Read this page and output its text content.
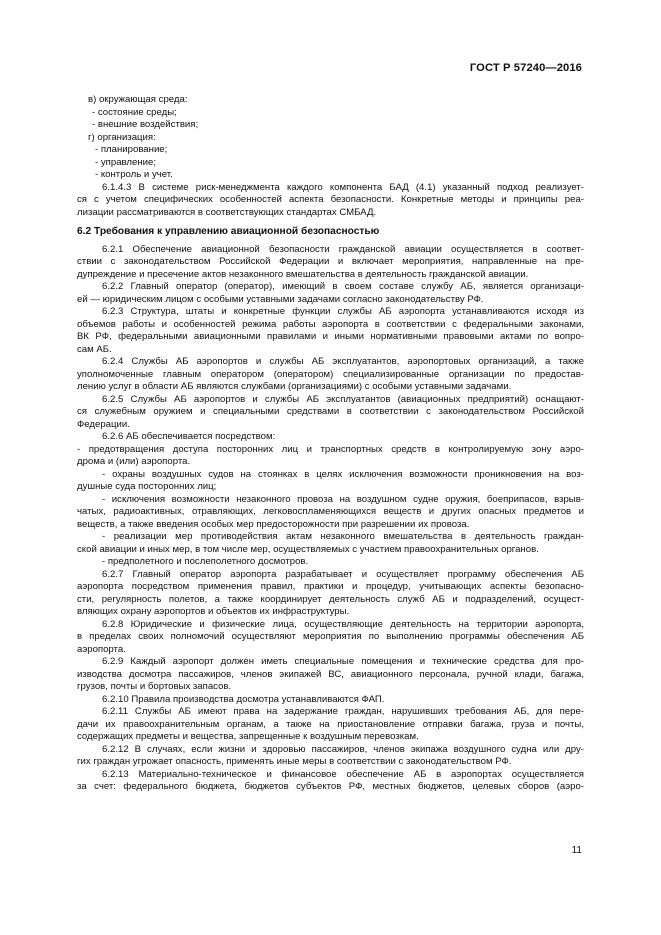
ГОСТ Р 57240—2016
в) окружающая среда:
- состояние среды;
- внешние воздействия;
г) организация:
- планирование;
- управление;
- контроль и учет.
6.1.4.3 В системе риск-менеджмента каждого компонента БАД (4.1) указанный подход реализует-
ся с учетом специфических особенностей аспекта безопасности. Конкретные методы и принципы реа-
лизации рассматриваются в соответствующих стандартах СМБАД.
6.2 Требования к управлению авиационной безопасностью
6.2.1 Обеспечение авиационной безопасности гражданской авиации осуществляется в соответ-
ствии с законодательством Российской Федерации и включает мероприятия, направленные на пре-
дупреждение и пресечение актов незаконного вмешательства в деятельность гражданской авиации.
6.2.2 Главный оператор (оператор), имеющий в своем составе службу АБ, является организаци-
ей — юридическим лицом с особыми уставными задачами согласно законодательству РФ.
6.2.3 Структура, штаты и конкретные функции службы АБ аэропорта устанавливаются исходя из
объемов работы и особенностей режима работы аэропорта в соответствии с федеральными законами,
ВК РФ, федеральными авиационными правилами и иными нормативными правовыми актами по вопро-
сам АБ.
6.2.4 Службы АБ аэропортов и службы АБ эксплуатантов, аэропортовых организаций, а также
уполномоченные главным оператором (оператором) специализированные организации по предостав-
лению услуг в области АБ являются службами (организациями) с особыми уставными задачами.
6.2.5 Службы АБ аэропортов и службы АБ эксплуатантов (авиационных предприятий) оснащают-
ся служебным оружием и специальными средствами в соответствии с законодательством Российской
Федерации.
6.2.6 АБ обеспечивается посредством:
- предотвращения доступа посторонних лиц и транспортных средств в контролируемую зону аэро-
дрома и (или) аэропорта.
- охраны воздушных судов на стоянках в целях исключения возможности проникновения на воз-
душные суда посторонних лиц;
- исключения возможности незаконного провоза на воздушном судне оружия, боеприпасов, взрыв-
чатых, радиоактивных, отравляющих, легковоспламеняющихся веществ и других опасных предметов и
веществ, а также введения особых мер предосторожности при разрешении их провоза.
- реализации мер противодействия актам незаконного вмешательства в деятельность граждан-
ской авиации и иных мер, в том числе мер, осуществляемых с участием правоохранительных органов.
- предполетного и послеполетного досмотров.
6.2.7 Главный оператор аэропорта разрабатывает и осуществляет программу обеспечения АБ
аэропорта посредством применения правил, практики и процедур, учитывающих аспекты безопасно-
сти, регулярность полетов, а также координирует деятельность служб АБ и подразделений, осущест-
вляющих охрану аэропортов и объектов их инфраструктуры.
6.2.8 Юридические и физические лица, осуществляющие деятельность на территории аэропорта,
в пределах своих полномочий осуществляют мероприятия по выполнению программы обеспечения АБ
аэропорта.
6.2.9 Каждый аэропорт должен иметь специальные помещения и технические средства для про-
изводства досмотра пассажиров, членов экипажей ВС, авиационного персонала, ручной клади, багажа,
грузов, почты и бортовых запасов.
6.2.10 Правила производства досмотра устанавливаются ФАП.
6.2.11 Службы АБ имеют права на задержание граждан, нарушивших требования АБ, для пере-
дачи их правоохранительным органам, а также на приостановление отправки багажа, груза и почты,
содержащих предметы и вещества, запрещенные к воздушным перевозкам.
6.2.12 В случаях, если жизни и здоровью пассажиров, членов экипажа воздушного судна или дру-
гих граждан угрожает опасность, применять иные меры в соответствии с законодательством РФ.
6.2.13 Материально-техническое и финансовое обеспечение АБ в аэропортах осуществляется
за счет: федерального бюджета, бюджетов субъектов РФ, местных бюджетов, целевых сборов (аэро-
11
